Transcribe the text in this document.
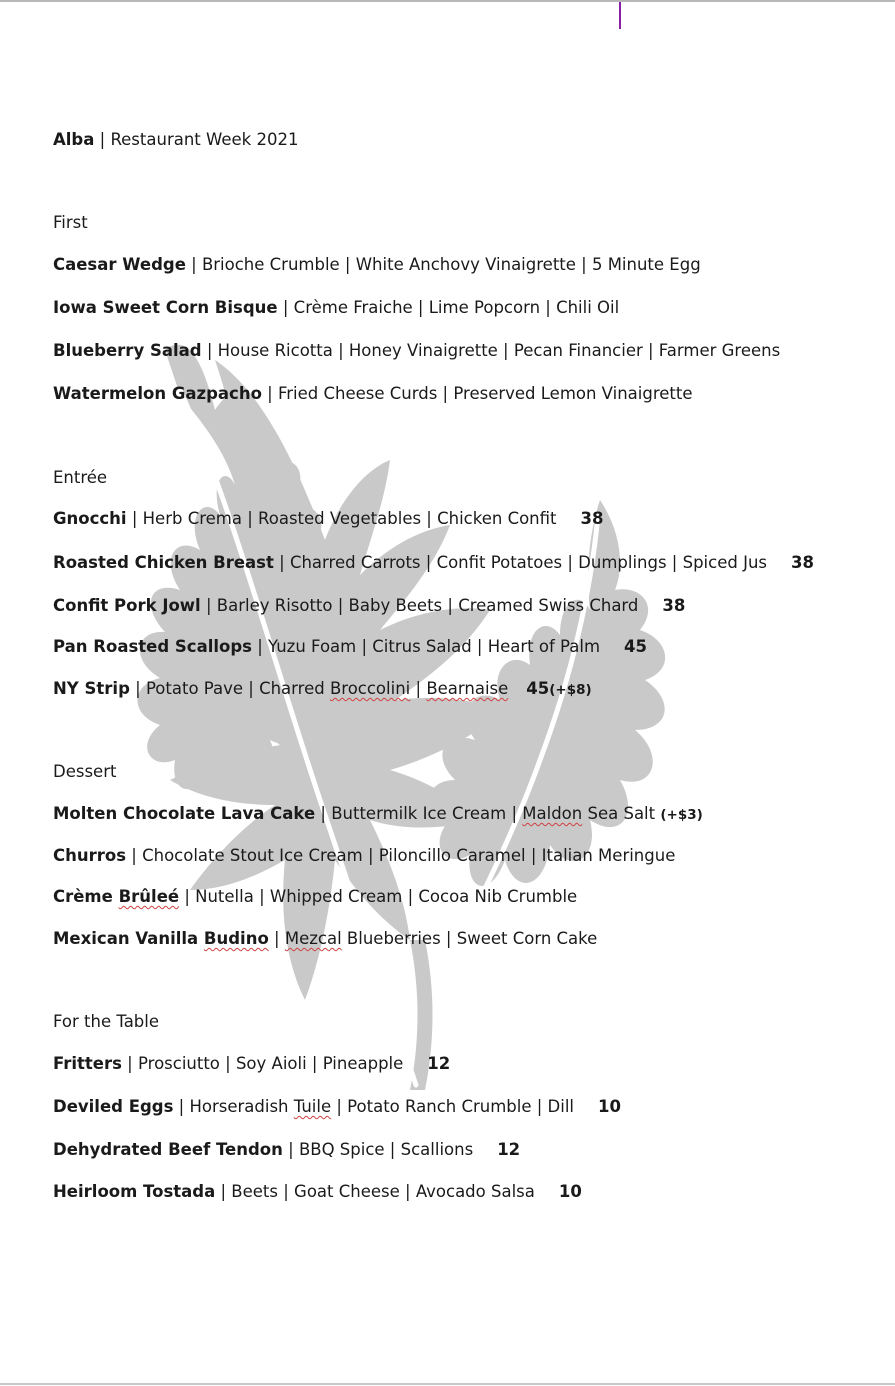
Alba | Restaurant Week 2021
First
Caesar Wedge | Brioche Crumble | White Anchovy Vinaigrette | 5 Minute Egg
Iowa Sweet Corn Bisque | Crème Fraiche | Lime Popcorn | Chili Oil
Blueberry Salad | House Ricotta | Honey Vinaigrette | Pecan Financier | Farmer Greens
Watermelon Gazpacho | Fried Cheese Curds | Preserved Lemon Vinaigrette
Entrée
Gnocchi | Herb Crema | Roasted Vegetables | Chicken Confit 38
Roasted Chicken Breast | Charred Carrots | Confit Potatoes | Dumplings | Spiced Jus 38
Confit Pork Jowl | Barley Risotto | Baby Beets | Creamed Swiss Chard 38
Pan Roasted Scallops | Yuzu Foam | Citrus Salad | Heart of Palm 45
NY Strip | Potato Pave | Charred Broccolini | Bearnaise 45(+$8)
Dessert
Molten Chocolate Lava Cake | Buttermilk Ice Cream | Maldon Sea Salt (+$3)
Churros | Chocolate Stout Ice Cream | Piloncillo Caramel | Italian Meringue
Crème Brûleé | Nutella | Whipped Cream | Cocoa Nib Crumble
Mexican Vanilla Budino | Mezcal Blueberries | Sweet Corn Cake
For the Table
Fritters | Prosciutto | Soy Aioli | Pineapple 12
Deviled Eggs | Horseradish Tuile | Potato Ranch Crumble | Dill 10
Dehydrated Beef Tendon | BBQ Spice | Scallions 12
Heirloom Tostada | Beets | Goat Cheese | Avocado Salsa 10
